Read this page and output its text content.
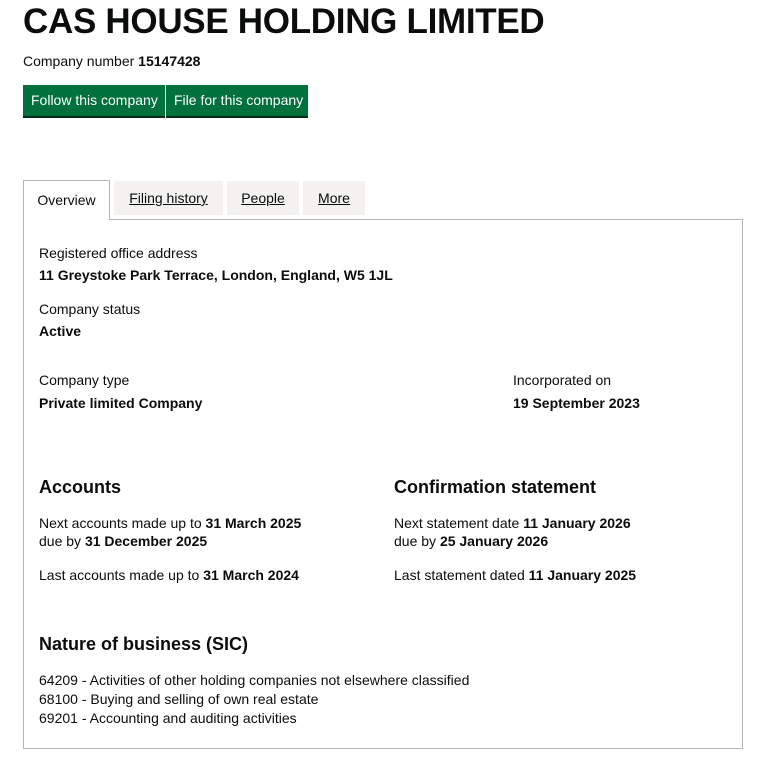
CAS HOUSE HOLDING LIMITED
Company number 15147428
Follow this company	File for this company
Overview	Filing history	People	More
Registered office address
11 Greystoke Park Terrace, London, England, W5 1JL
Company status
Active
Company type
Private limited Company
Incorporated on
19 September 2023
Accounts
Next accounts made up to 31 March 2025
due by 31 December 2025
Last accounts made up to 31 March 2024
Confirmation statement
Next statement date 11 January 2026
due by 25 January 2026
Last statement dated 11 January 2025
Nature of business (SIC)
64209 - Activities of other holding companies not elsewhere classified
68100 - Buying and selling of own real estate
69201 - Accounting and auditing activities
